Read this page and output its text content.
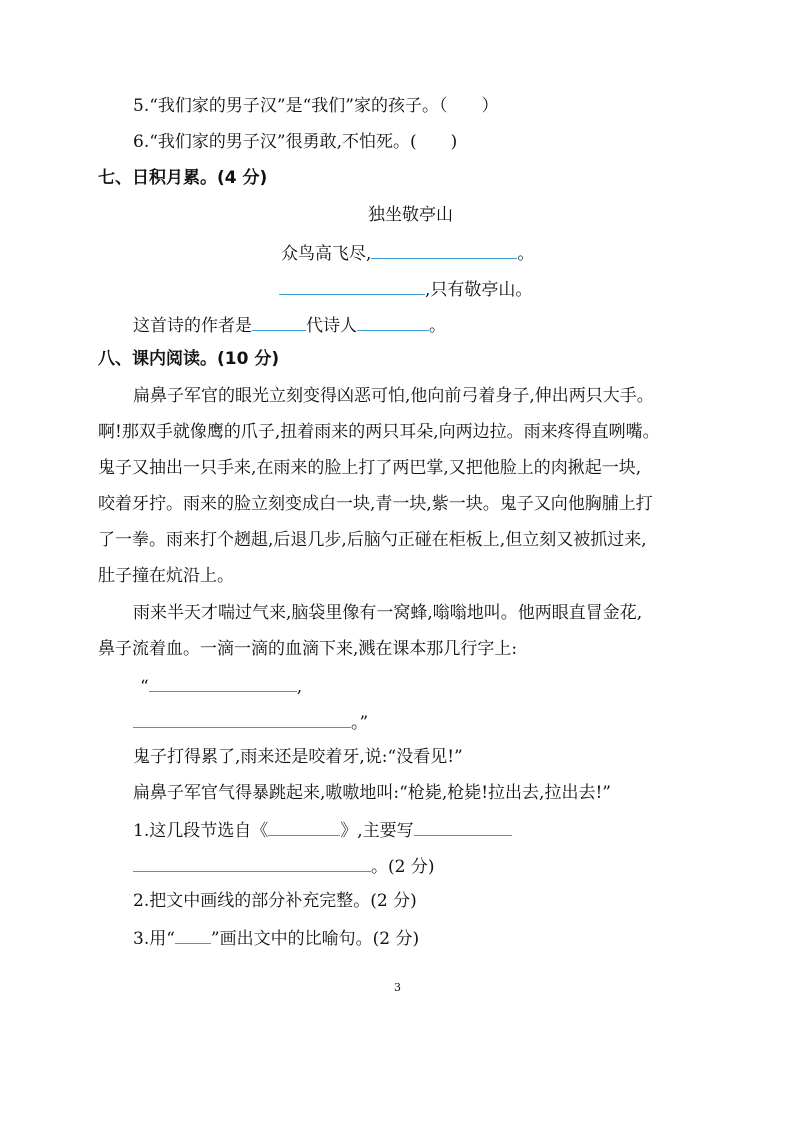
5.“我们家的男子汉”是“我们”家的孩子。（　　）
6.“我们家的男子汉”很勇敢,不怕死。(　　)
七、日积月累。(4 分)
独坐敬亭山
众鸟高飞尽,	。
,只有敬亭山。
这首诗的作者是	代诗人	。
八、课内阅读。(10 分)
扁鼻子军官的眼光立刻变得凶恶可怕,他向前弓着身子,伸出两只大手。
啊!那双手就像鹰的爪子,扭着雨来的两只耳朵,向两边拉。雨来疼得直咧嘴。
鬼子又抽出一只手来,在雨来的脸上打了两巴掌,又把他脸上的肉揪起一块,
咬着牙拧。雨来的脸立刻变成白一块,青一块,紫一块。鬼子又向他胸脯上打
了一拳。雨来打个趔趄,后退几步,后脑勺正碰在柜板上,但立刻又被抓过来,
肚子撞在炕沿上。
雨来半天才喘过气来,脑袋里像有一窝蜂,嗡嗡地叫。他两眼直冒金花,
鼻子流着血。一滴一滴的血滴下来,溅在课本那几行字上:
“	,
。”
鬼子打得累了,雨来还是咬着牙,说:“没看见!”
扁鼻子军官气得暴跳起来,嗷嗷地叫:“枪毙,枪毙!拉出去,拉出去!”
1.这几段节选自《	》,主要写
。(2 分)
2.把文中画线的部分补充完整。(2 分)
3.用“ ”画出文中的比喻句。(2 分)
3
